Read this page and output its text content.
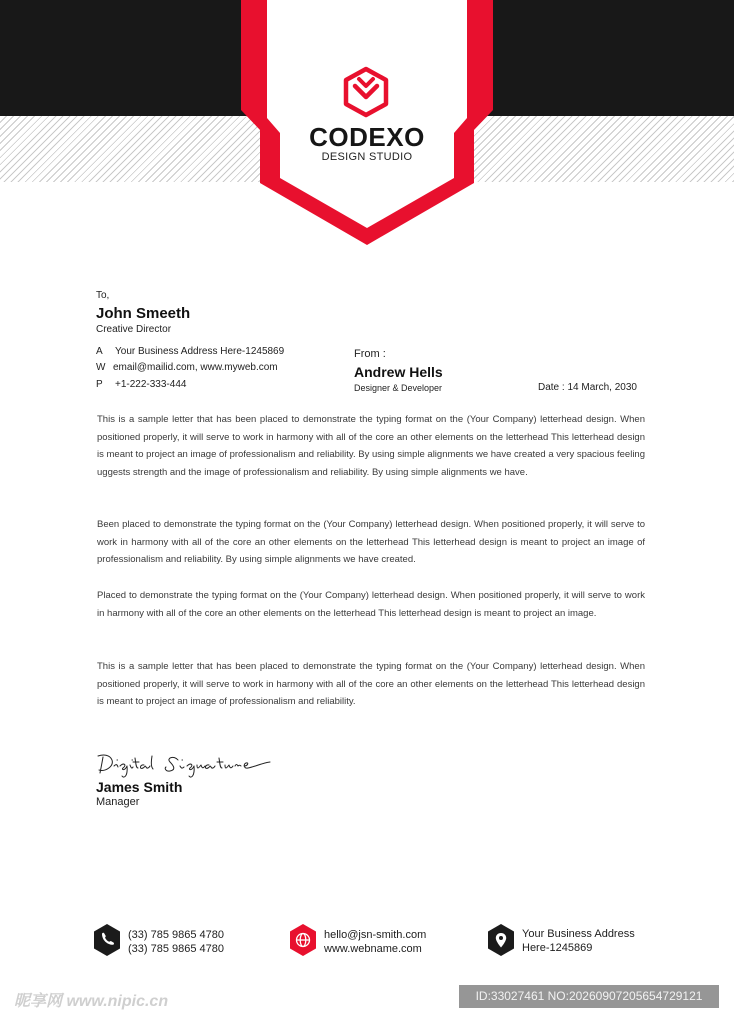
CODEXO
DESIGN STUDIO
To,
John Smeeth
Creative Director
A Your Business Address Here-1245869
W email@mailid.com, www.myweb.com
P +1-222-333-444
From :
Andrew Hells
Designer & Developer	Date : 14 March, 2030

This is a sample letter that has been placed to demonstrate the typing format on the (Your Company) letterhead design. When positioned properly, it will serve to work in harmony with all of the core an other elements on the letterhead This letterhead design is meant to project an image of professionalism and reliability. By using simple alignments we have created a very spacious feeling uggests strength and the image of professionalism and reliability. By using simple alignments we have.

Been placed to demonstrate the typing format on the (Your Company) letterhead design. When positioned properly, it will serve to work in harmony with all of the core an other elements on the letterhead This letterhead design is meant to project an image of professionalism and reliability. By using simple alignments we have created.

Placed to demonstrate the typing format on the (Your Company) letterhead design. When positioned properly, it will serve to work in harmony with all of the core an other elements on the letterhead This letterhead design is meant to project an image.

This is a sample letter that has been placed to demonstrate the typing format on the (Your Company) letterhead design. When positioned properly, it will serve to work in harmony with all of the core an other elements on the letterhead This letterhead design is meant to project an image of professionalism and reliability.

James Smith
Manager
(33) 785 9865 4780
(33) 785 9865 4780
hello@jsn-smith.com
www.webname.com
Your Business Address
Here-1245869
昵享网 www.nipic.cn	ID:33027461 NO:20260907205654729121
